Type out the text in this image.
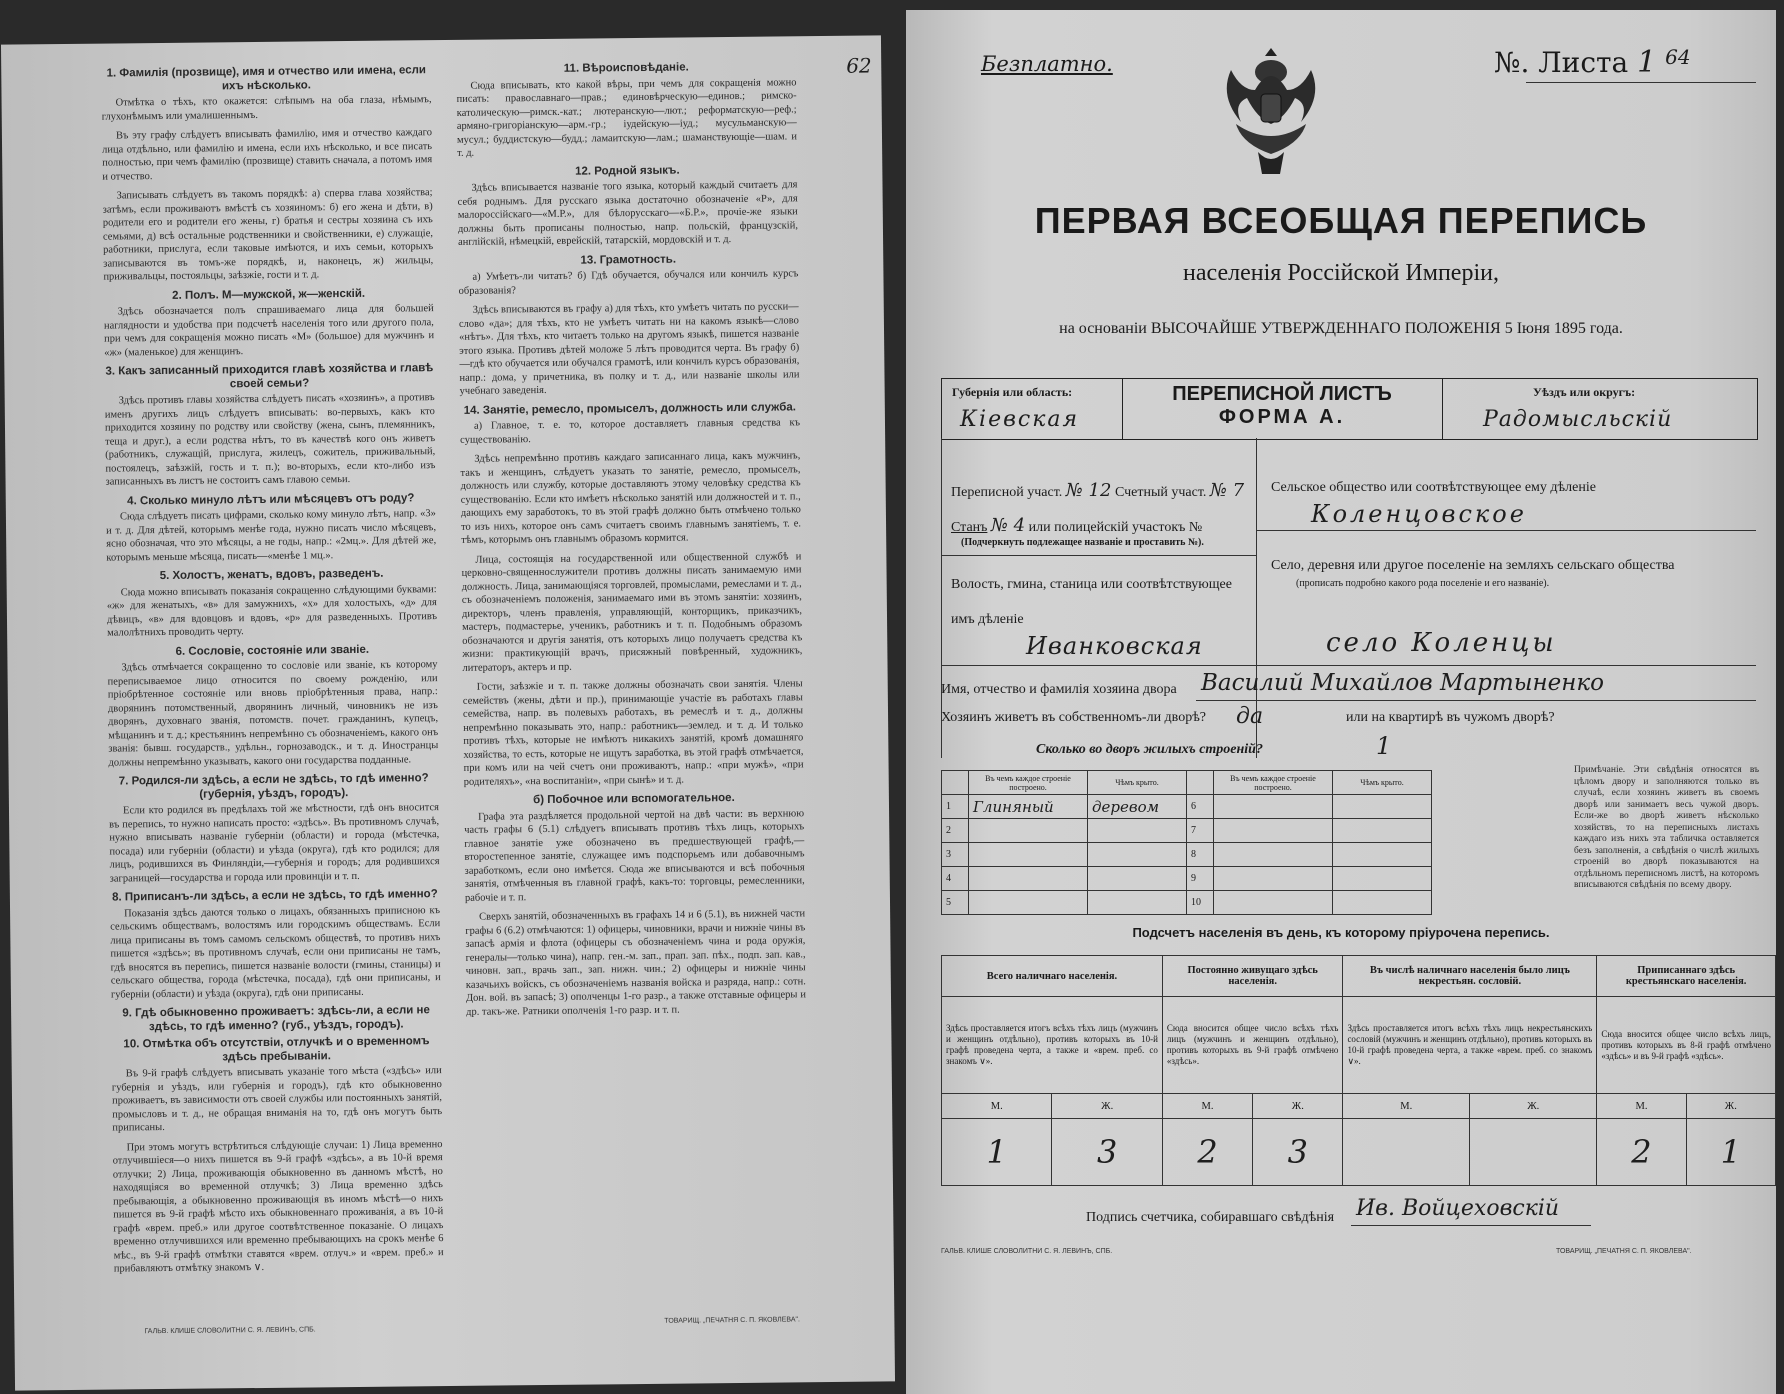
1. Фамилія (прозвище), имя и отчество или имена, если ихъ нѣсколько.

Отмѣтка о тѣхъ, кто окажется: слѣпымъ на оба глаза, нѣмымъ, глухонѣмымъ или умалишеннымъ.

Въ эту графу слѣдуетъ вписывать фамилію, имя и отчество каждаго лица отдѣльно, или фамилію и имена, если ихъ нѣсколько, и все писать полностью, при чемъ фамилію (прозвище) ставить сначала, а потомъ имя и отчество.

Записывать слѣдуетъ въ такомъ порядкѣ: а) сперва глава хозяйства; затѣмъ, если проживаютъ вмѣстѣ съ хозяиномъ: б) его жена и дѣти, в) родители его и родители его жены, г) братья и сестры хозяина съ ихъ семьями, д) всѣ остальные родственники и свойственники, е) служащіе, работники, прислуга, если таковые имѣются, и ихъ семьи, которыхъ записываются въ томъ-же порядкѣ, и, наконецъ, ж) жильцы, приживальцы, постояльцы, заѣзжіе, гости и т. д.

2. Полъ. М—мужской, ж—женскій.

Здѣсь обозначается полъ спрашиваемаго лица для большей наглядности и удобства при подсчетѣ населенія того или другого пола, при чемъ для сокращенія можно писать «М» (большое) для мужчинъ и «ж» (маленькое) для женщинъ.

3. Какъ записанный приходится главѣ хозяйства и главѣ своей семьи?

Здѣсь противъ главы хозяйства слѣдуетъ писать «хозяинъ», а противъ именъ другихъ лицъ слѣдуетъ вписывать: во-первыхъ, какъ кто приходится хозяину по родству или свойству (жена, сынъ, племянникъ, теща и друг.), а если родства нѣтъ, то въ качествѣ кого онъ живетъ (работникъ, служащій, прислуга, жилецъ, сожитель, приживальный, постоялецъ, заѣзжій, гость и т. п.); во-вторыхъ, если кто-либо изъ записанныхъ въ листъ не состоитъ самъ главою семьи.

4. Сколько минуло лѣтъ или мѣсяцевъ отъ роду?

Сюда слѣдуетъ писать цифрами, сколько кому минуло лѣтъ, напр. «3» и т. д. Для дѣтей, которымъ менѣе года, нужно писать число мѣсяцевъ, ясно обозначая, что это мѣсяцы, а не годы, напр.: «2мц.». Для дѣтей же, которымъ меньше мѣсяца, писать—«менѣе 1 мц.».

5. Холостъ, женатъ, вдовъ, разведенъ.

Сюда можно вписывать показанія сокращенно слѣдующими буквами: «ж» для женатыхъ, «в» для замужнихъ, «х» для холостыхъ, «д» для дѣвицъ, «в» для вдовцовъ и вдовъ, «р» для разведенныхъ. Противъ малолѣтнихъ проводить черту.

6. Сословіе, состояніе или званіе.

Здѣсь отмѣчается сокращенно то сословіе или званіе, къ которому переписываемое лицо относится по своему рожденію, или пріобрѣтенное состояніе или вновь пріобрѣтенныя права, напр.: дворянинъ потомственный, дворянинъ личный, чиновникъ не изъ дворянъ, духовнаго званія, потомств. почет. гражданинъ, купецъ, мѣщанинъ и т. д.; крестьянинъ непремѣнно съ обозначеніемъ, какого онъ званія: бывш. государств., удѣльн., горнозаводск., и т. д. Иностранцы должны непремѣнно указывать, какого они государства подданные.

7. Родился-ли здѣсь, а если не здѣсь, то гдѣ именно? (губернія, уѣздъ, городъ).

Если кто родился въ предѣлахъ той же мѣстности, гдѣ онъ вносится въ перепись, то нужно написать просто: «здѣсь». Въ противномъ случаѣ, нужно вписывать названіе губерніи (области) и города (мѣстечка, посада) или губерніи (области) и уѣзда (округа), гдѣ кто родился; для лицъ, родившихся въ Финляндіи,—губернія и городъ; для родившихся заграницей—государства и города или провинціи и т. п.

8. Приписанъ-ли здѣсь, а если не здѣсь, то гдѣ именно?

Показанія здѣсь даются только о лицахъ, обязанныхъ приписною къ сельскимъ обществамъ, волостямъ или городскимъ обществамъ. Если лица приписаны въ томъ самомъ сельскомъ обществѣ, то противъ нихъ пишется «здѣсь»; въ противномъ случаѣ, если они приписаны не тамъ, гдѣ вносятся въ перепись, пишется названіе волости (гмины, станицы) и сельскаго общества, города (мѣстечка, посада), гдѣ они приписаны, и губерніи (области) и уѣзда (округа), гдѣ они приписаны.

9. Гдѣ обыкновенно проживаетъ: здѣсь-ли, а если не здѣсь, то гдѣ именно? (губ., уѣздъ, городъ).
10. Отмѣтка объ отсутствіи, отлучкѣ и о временномъ здѣсь пребываніи.

Въ 9-й графѣ слѣдуетъ вписывать указаніе того мѣста («здѣсь» или губернія и уѣздъ, или губернія и городъ), гдѣ кто обыкновенно проживаетъ, въ зависимости отъ своей службы или постоянныхъ занятій, промысловъ и т. д., не обращая вниманія на то, гдѣ онъ могутъ быть приписаны.

При этомъ могутъ встрѣтиться слѣдующіе случаи: 1) Лица временно отлучившіеся—о нихъ пишется въ 9-й графѣ «здѣсь», а въ 10-й время отлучки; 2) Лица, проживающія обыкновенно въ данномъ мѣстѣ, но находящіяся во временной отлучкѣ; 3) Лица временно здѣсь пребывающія, а обыкновенно проживающія въ иномъ мѣстѣ—о нихъ пишется въ 9-й графѣ мѣсто ихъ обыкновеннаго проживанія, а въ 10-й графѣ «врем. преб.» или другое соотвѣтственное показаніе. О лицахъ временно отлучившихся или временно пребывающихъ на срокъ менѣе 6 мѣс., въ 9-й графѣ отмѣтки ставятся «врем. отлуч.» и «врем. преб.» и прибавляютъ отмѣтку знакомъ ∨.

11. Вѣроисповѣданіе.

Сюда вписывать, кто какой вѣры, при чемъ для сокращенія можно писать: православнаго—прав.; единовѣрческую—единов.; римско-католическую—римск.-кат.; лютеранскую—лют.; реформатскую—реф.; армяно-григоріанскую—арм.-гр.; іудейскую—іуд.; мусульманскую—мусул.; буддистскую—будд.; ламаитскую—лам.; шаманствующіе—шам. и т. д.

12. Родной языкъ.

Здѣсь вписывается названіе того языка, который каждый считаетъ для себя роднымъ. Для русскаго языка достаточно обозначеніе «Р», для малороссійскаго—«М.Р.», для бѣлорусскаго—«Б.Р.», прочіе-же языки должны быть прописаны полностью, напр. польскій, французскій, англійскій, нѣмецкій, еврейскій, татарскій, мордовскій и т. д.

13. Грамотность.

а) Умѣетъ-ли читать? б) Гдѣ обучается, обучался или кончилъ курсъ образованія?

Здѣсь вписываются въ графу а) для тѣхъ, кто умѣетъ читать по русски—слово «да»; для тѣхъ, кто не умѣетъ читать ни на какомъ языкѣ—слово «нѣтъ». Для тѣхъ, кто читаетъ только на другомъ языкѣ, пишется названіе этого языка. Противъ дѣтей моложе 5 лѣтъ проводится черта. Въ графу б)—гдѣ кто обучается или обучался грамотѣ, или кончилъ курсъ образованія, напр.: дома, у причетника, въ полку и т. д., или названіе школы или учебнаго заведенія.

14. Занятіе, ремесло, промыселъ, должность или служба.

а) Главное, т. е. то, которое доставляетъ главныя средства къ существованію.

Здѣсь непремѣнно противъ каждаго записаннаго лица, какъ мужчинъ, такъ и женщинъ, слѣдуетъ указать то занятіе, ремесло, промыселъ, должность или службу, которые доставляютъ этому человѣку средства къ существованію. Если кто имѣетъ нѣсколько занятій или должностей и т. п., дающихъ ему заработокъ, то въ этой графѣ должно быть отмѣчено только то изъ нихъ, которое онъ самъ считаетъ своимъ главнымъ занятіемъ, т. е. тѣмъ, которымъ онъ главнымъ образомъ кормится.

Лица, состоящія на государственной или общественной службѣ и церковно-священнослужители противъ должны писать занимаемую ими должность. Лица, занимающіяся торговлей, промыслами, ремеслами и т. д., съ обозначеніемъ положенія, занимаемаго ими въ этомъ занятіи: хозяинъ, директоръ, членъ правленія, управляющій, конторщикъ, приказчикъ, мастеръ, подмастерье, ученикъ, работникъ и т. п. Подобнымъ образомъ обозначаются и другія занятія, отъ которыхъ лицо получаетъ средства къ жизни: практикующій врачъ, присяжный повѣренный, художникъ, литераторъ, актеръ и пр.

Гости, заѣзжіе и т. п. также должны обозначать свои занятія. Члены семействъ (жены, дѣти и пр.), принимающіе участіе въ работахъ главы семейства, напр. въ полевыхъ работахъ, въ ремеслѣ и т. д., должны непремѣнно показывать это, напр.: работникъ—землед. и т. д. И только противъ тѣхъ, которые не имѣютъ никакихъ занятій, кромѣ домашняго хозяйства, то есть, которые не ищутъ заработка, въ этой графѣ отмѣчается, при комъ или на чей счетъ они проживаютъ, напр.: «при мужѣ», «при родителяхъ», «на воспитаніи», «при сынѣ» и т. д.

б) Побочное или вспомогательное.

Графа эта раздѣляется продольной чертой на двѣ части: въ верхнюю часть графы 6 (5.1) слѣдуетъ вписывать противъ тѣхъ лицъ, которыхъ главное занятіе уже обозначено въ предшествующей графѣ,—второстепенное занятіе, служащее имъ подспорьемъ или добавочнымъ заработкомъ, если оно имѣется. Сюда же вписываются и всѣ побочныя занятія, отмѣченныя въ главной графѣ, какъ-то: торговцы, ремесленники, рабочіе и т. п.

Сверхъ занятій, обозначенныхъ въ графахъ 14 и 6 (5.1), въ нижней части графы 6 (6.2) отмѣчаются: 1) офицеры, чиновники, врачи и нижніе чины въ запасѣ армія и флота (офицеры съ обозначеніемъ чина и рода оружія, генералы—только чина), напр. ген.-м. зап., прап. зап. пѣх., подп. зап. кав., чиновн. зап., врачь зап., зап. нижн. чин.; 2) офицеры и нижніе чины казачьихъ войскъ, съ обозначеніемъ названія войска и разряда, напр.: сотн. Дон. вой. въ запасѣ; 3) ополченцы 1-го разр., а также отставные офицеры и др. такъ-же. Ратники ополченія 1-го разр. и т. п.

ГАЛЬВ. КЛИШЕ СЛОВОЛИТНИ С. Я. ЛЕВИНЪ, СПБ.
ТОВАРИЩ. „ПЕЧАТНЯ С. П. ЯКОВЛЕВА".
62	Безплатно.	№. Листа 1 $^{64}$
ПЕРВАЯ ВСЕОБЩАЯ ПЕРЕПИСЬ
населенія Россійской Имперіи,
на основаніи ВЫСОЧАЙШЕ УТВЕРЖДЕННАГО ПОЛОЖЕНІЯ 5 Іюня 1895 года.
Губернія или область:
Кіевская
ПЕРЕПИСНОЙ ЛИСТЪ
ФОРМА А.
Уѣздъ или округъ:
Радомысльскій
Переписной участ. № 12 Счетный участ. № 7
Станъ № 4 или полицейскій участокъ №
(Подчеркнуть подлежащее названіе и проставить №).
Волость, гмина, станица или соотвѣтствующее
имъ дѣленіе
Иванковская
Сельское общество или соотвѣтствующее ему дѣленіе
Коленцовское
Село, деревня или другое поселеніе на земляхъ сельскаго общества
(прописать подробно какого рода поселеніе и его названіе).
село Коленцы
Имя, отчество и фамилія хозяина двора Василий Михайлов Мартыненко
Хозяинъ живетъ въ собственномъ-ли дворѣ? да	или на квартирѣ въ чужомъ дворѣ?
Сколько во дворъ жилыхъ строеній?	1
	Въ чемъ каждое строеніе построено.	Чѣмъ крыто.		Въ чемъ каждое строеніе построено.	Чѣмъ крыто.
1	Глиняный	деревом	6		
2			7		
3			8		
4			9		
5			10		
Примѣчаніе. Эти свѣдѣнія относятся въ цѣломъ двору и заполняются только въ случаѣ, если хозяинъ живетъ въ своемъ дворѣ или занимаетъ весь чужой дворъ. Если-же во дворѣ живетъ нѣсколько хозяйствъ, то на переписныхъ листахъ каждаго изъ нихъ эта табличка оставляется безъ заполненія, а свѣдѣнія о числѣ жилыхъ строеній во дворѣ показываются на отдѣльномъ переписномъ листѣ, на которомъ вписываются свѣдѣнія по всему двору.
Подсчетъ населенія въ день, къ которому пріурочена перепись.
Всего наличнаго населенія.		Постоянно живущаго здѣсь населенія.		Въ числѣ наличнаго населенія было лицъ некрестьян. сословій.		Приписаннаго здѣсь крестьянскаго населенія.	
Здѣсь проставляется итогъ всѣхъ тѣхъ лицъ (мужчинъ и женщинъ отдѣльно), противъ которыхъ въ 10-й графѣ проведена черта, а также и «врем. преб. со знакомъ ∨».		Сюда вносится общее число всѣхъ тѣхъ лицъ (мужчинъ и женщинъ отдѣльно), противъ которыхъ въ 9-й графѣ отмѣчено «здѣсь».		Здѣсь проставляется итогъ всѣхъ тѣхъ лицъ некрестьянскихъ сословій (мужчинъ и женщинъ отдѣльно), противъ которыхъ въ 10-й графѣ проведена черта, а также «врем. преб. со знакомъ ∨».		Сюда вносится общее число всѣхъ лицъ, противъ которыхъ въ 8-й графѣ отмѣчено «здѣсь» и въ 9-й графѣ «здѣсь».	
М.	Ж.	М.	Ж.	М.	Ж.	М.	Ж.
1	3	2	3			2	1
Подпись счетчика, собиравшаго свѣдѣнія Ив. Войцеховскій
ГАЛЬВ. КЛИШЕ СЛОВОЛИТНИ С. Я. ЛЕВИНЪ, СПБ.	ТОВАРИЩ. „ПЕЧАТНЯ С. П. ЯКОВЛЕВА".
